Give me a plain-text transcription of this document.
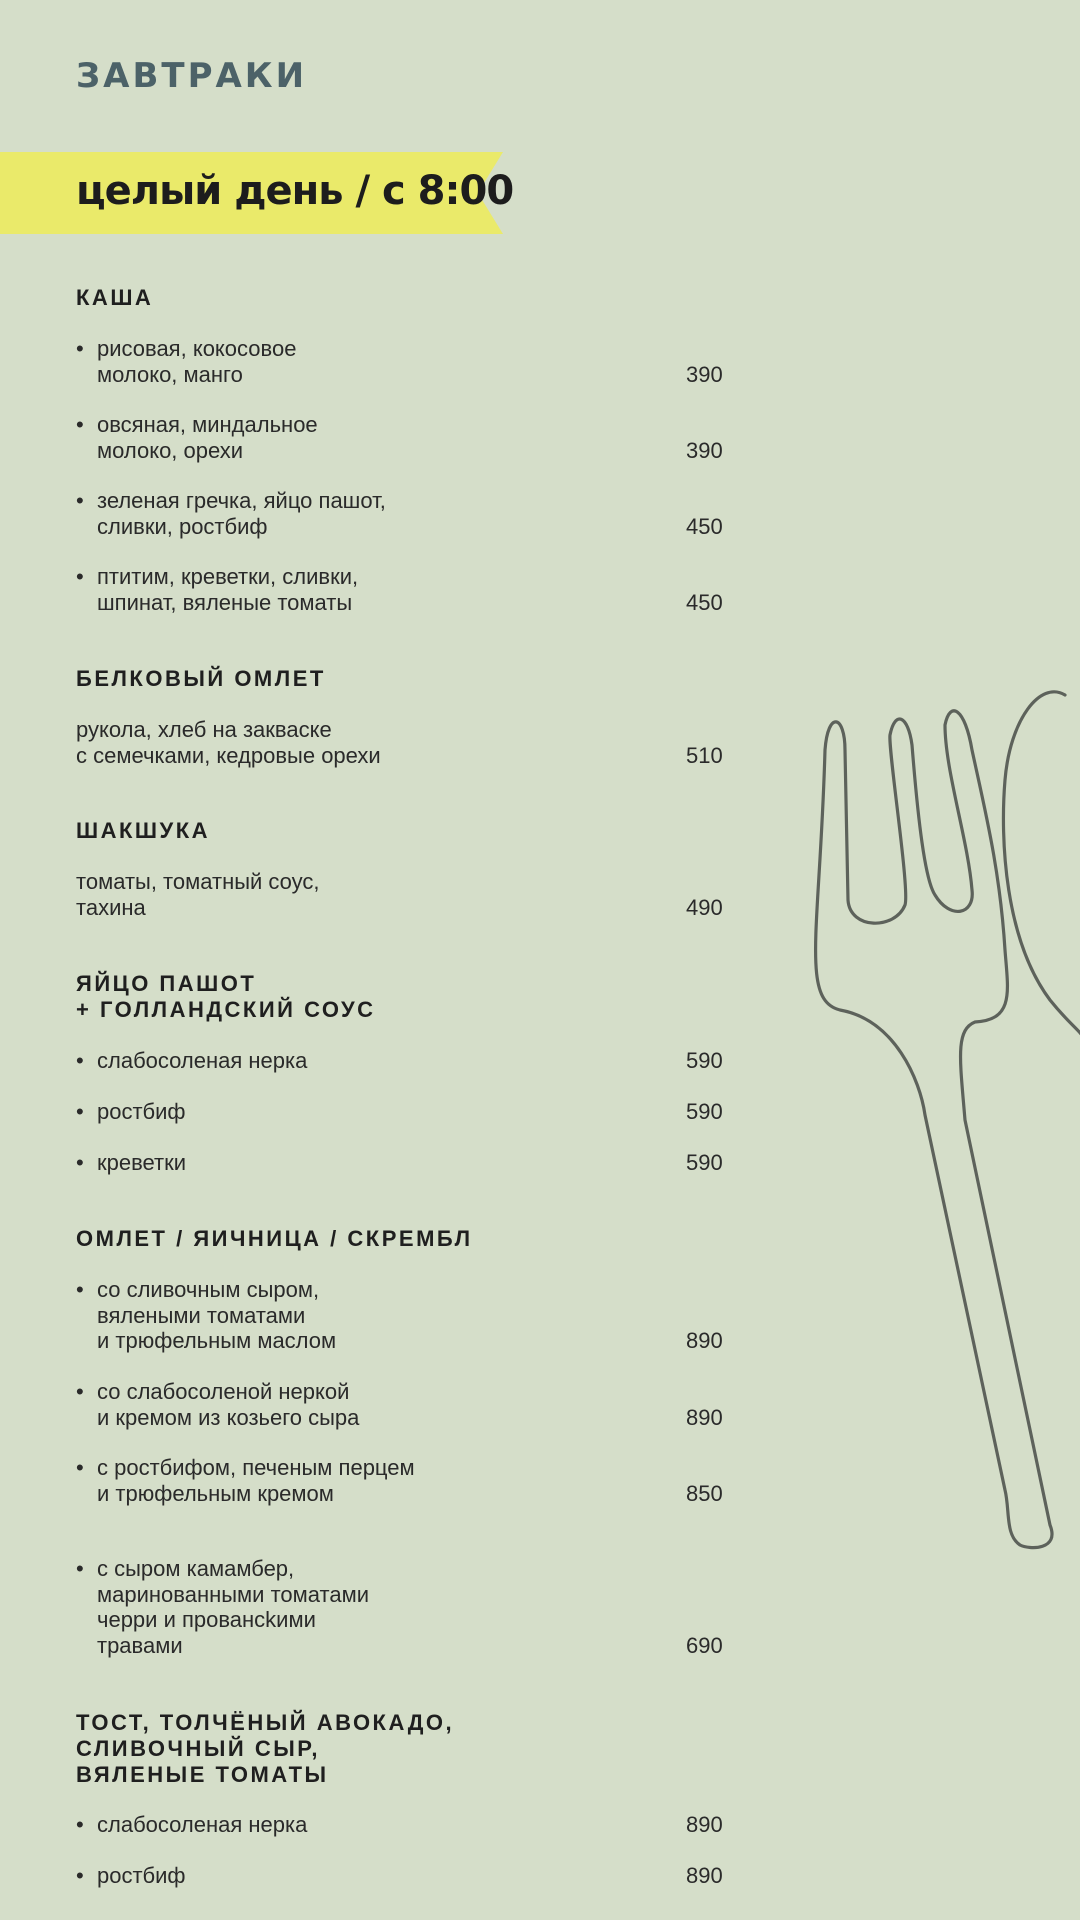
ЗАВТРАКИ
целый день / с 8:00
КАША
• рисовая, кокосовое
молоко, манго	390
• овсяная, миндальное
молоко, орехи	390
• зеленая гречка, яйцо пашот,
сливки, ростбиф	450
• птитим, креветки, сливки,
шпинат, вяленые томаты	450
БЕЛКОВЫЙ ОМЛЕТ
рукола, хлеб на закваске
с семечками, кедровые орехи	510
ШАКШУКА
томаты, томатный соус,
тахина	490
ЯЙЦО ПАШОТ
+ ГОЛЛАНДСКИЙ СОУС
• слабосоленая нерка	590
• ростбиф	590
• креветки	590
ОМЛЕТ / ЯИЧНИЦА / СКРЕМБЛ
• со сливочным сыром,
вялеными томатами
и трюфельным маслом	890
• со слабосоленой неркой
и кремом из козьего сыра	890
• с ростбифом, печеным перцем
и трюфельным кремом	850
• с сыром камамбер,
маринованными томатами
черри и провансkими
травами	690
ТОСТ, ТОЛЧЁНЫЙ АВОКАДО,
СЛИВОЧНЫЙ СЫР,
ВЯЛЕНЫЕ ТОМАТЫ
• слабосоленая нерка	890
• ростбиф	890
